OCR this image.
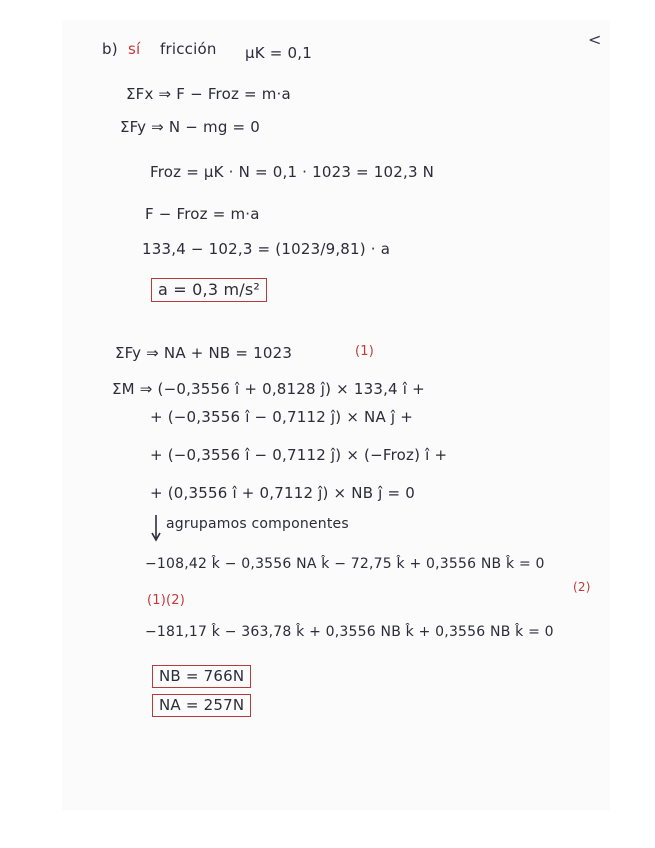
<
b) sí fricción μK = 0,1
ΣFx ⇒ F − Froz = m·a
ΣFy ⇒ N − mg = 0
Froz = μK · N = 0,1 · 1023 = 102,3 N
F − Froz = m·a
133,4 − 102,3 = (1023/9,81) · a
a = 0,3 m/s²
ΣFy ⇒ NA + NB = 1023	(1)
ΣM ⇒ (−0,3556 î + 0,8128 ĵ) × 133,4 î +
+ (−0,3556 î − 0,7112 ĵ) × NA ĵ +
+ (−0,3556 î − 0,7112 ĵ) × (−Froz) î +
+ (0,3556 î + 0,7112 ĵ) × NB ĵ = 0
agrupamos componentes
−108,42 k̂ − 0,3556 NA k̂ − 72,75 k̂ + 0,3556 NB k̂ = 0
(2)
(1)(2)
−181,17 k̂ − 363,78 k̂ + 0,3556 NB k̂ + 0,3556 NB k̂ = 0
NB = 766N
NA = 257N
